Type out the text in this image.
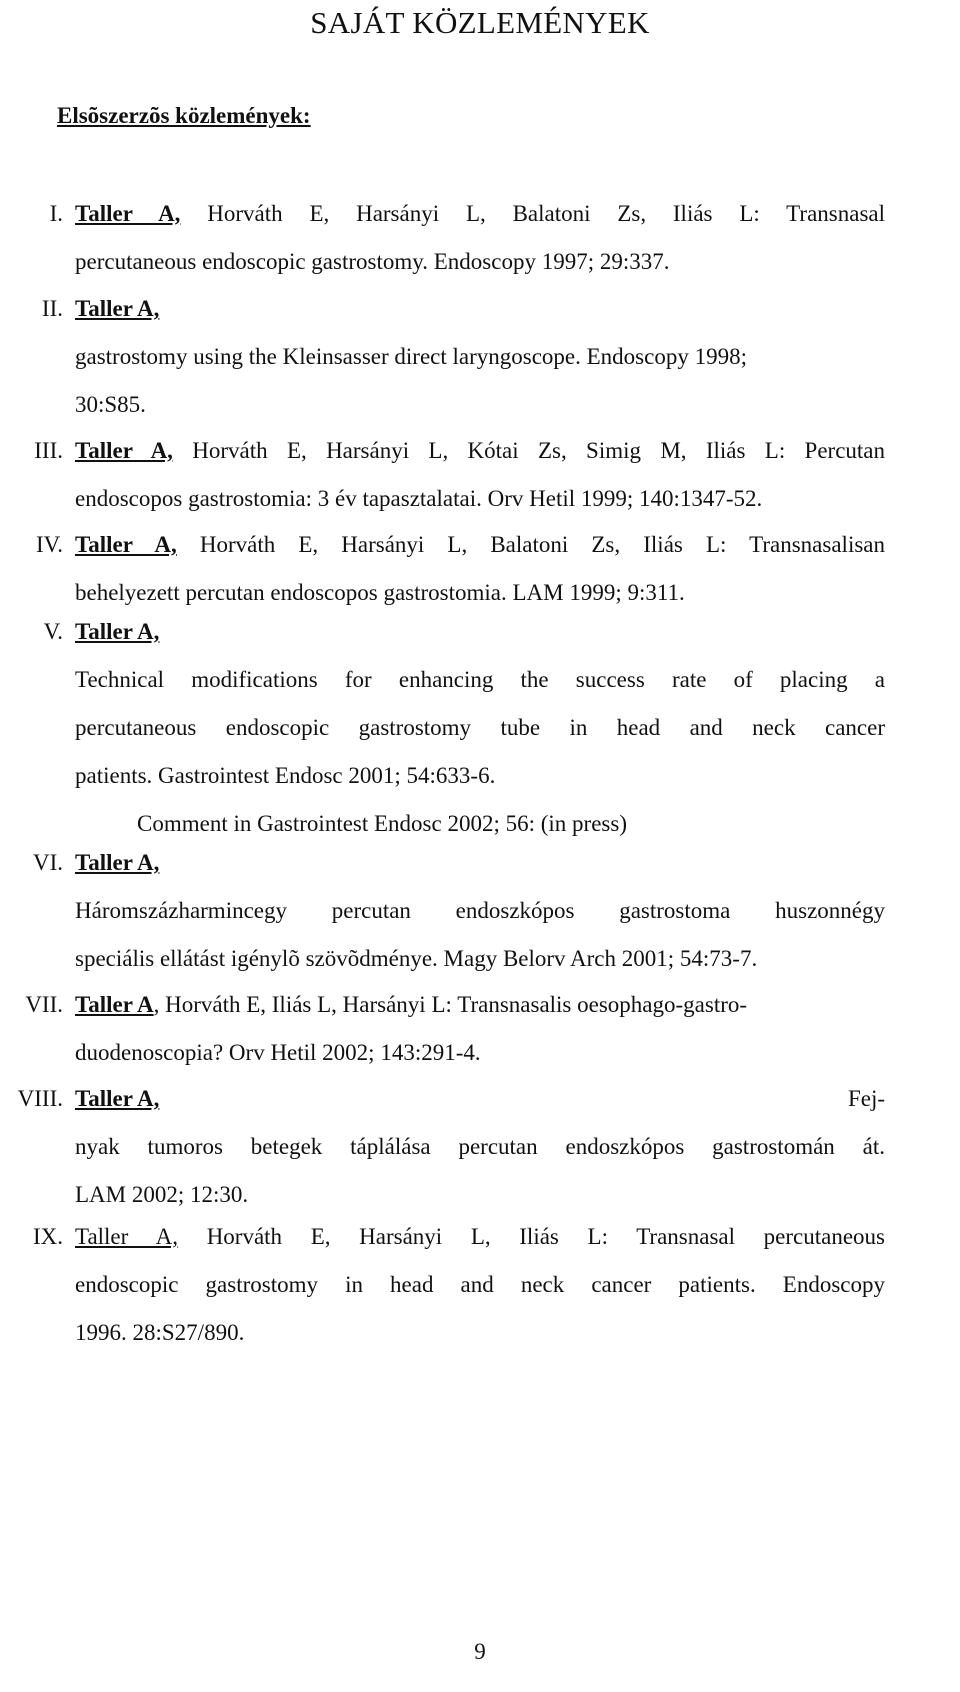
SAJÁT KÖZLEMÉNYEK
Elsõszerzõs közlemények:
I. Taller A, Horváth E, Harsányi L, Balatoni Zs, Iliás L: Transnasal
percutaneous endoscopic gastrostomy. Endoscopy 1997; 29:337.
II. Taller A,
gastrostomy using the Kleinsasser direct laryngoscope. Endoscopy 1998;
30:S85.
III. Taller A, Horváth E, Harsányi L, Kótai Zs, Simig M, Iliás L: Percutan
endoscopos gastrostomia: 3 év tapasztalatai. Orv Hetil 1999; 140:1347-52.
IV. Taller A, Horváth E, Harsányi L, Balatoni Zs, Iliás L: Transnasalisan
behelyezett percutan endoscopos gastrostomia. LAM 1999; 9:311.
V. Taller A,
Technical modifications for enhancing the success rate of placing a
percutaneous endoscopic gastrostomy tube in head and neck cancer
patients. Gastrointest Endosc 2001; 54:633-6.
Comment in Gastrointest Endosc 2002; 56: (in press)
VI. Taller A,
Háromszázharmincegy percutan endoszkópos gastrostoma huszonnégy
speciális ellátást igénylõ szövõdménye. Magy Belorv Arch 2001; 54:73-7.
VII. Taller A, Horváth E, Iliás L, Harsányi L: Transnasalis oesophago-gastro-
duodenoscopia? Orv Hetil 2002; 143:291-4.
VIII. Taller A,	Fej-
nyak tumoros betegek táplálása percutan endoszkópos gastrostomán át.
LAM 2002; 12:30.
IX. Taller A, Horváth E, Harsányi L, Iliás L: Transnasal percutaneous
endoscopic gastrostomy in head and neck cancer patients. Endoscopy
1996. 28:S27/890.
9
